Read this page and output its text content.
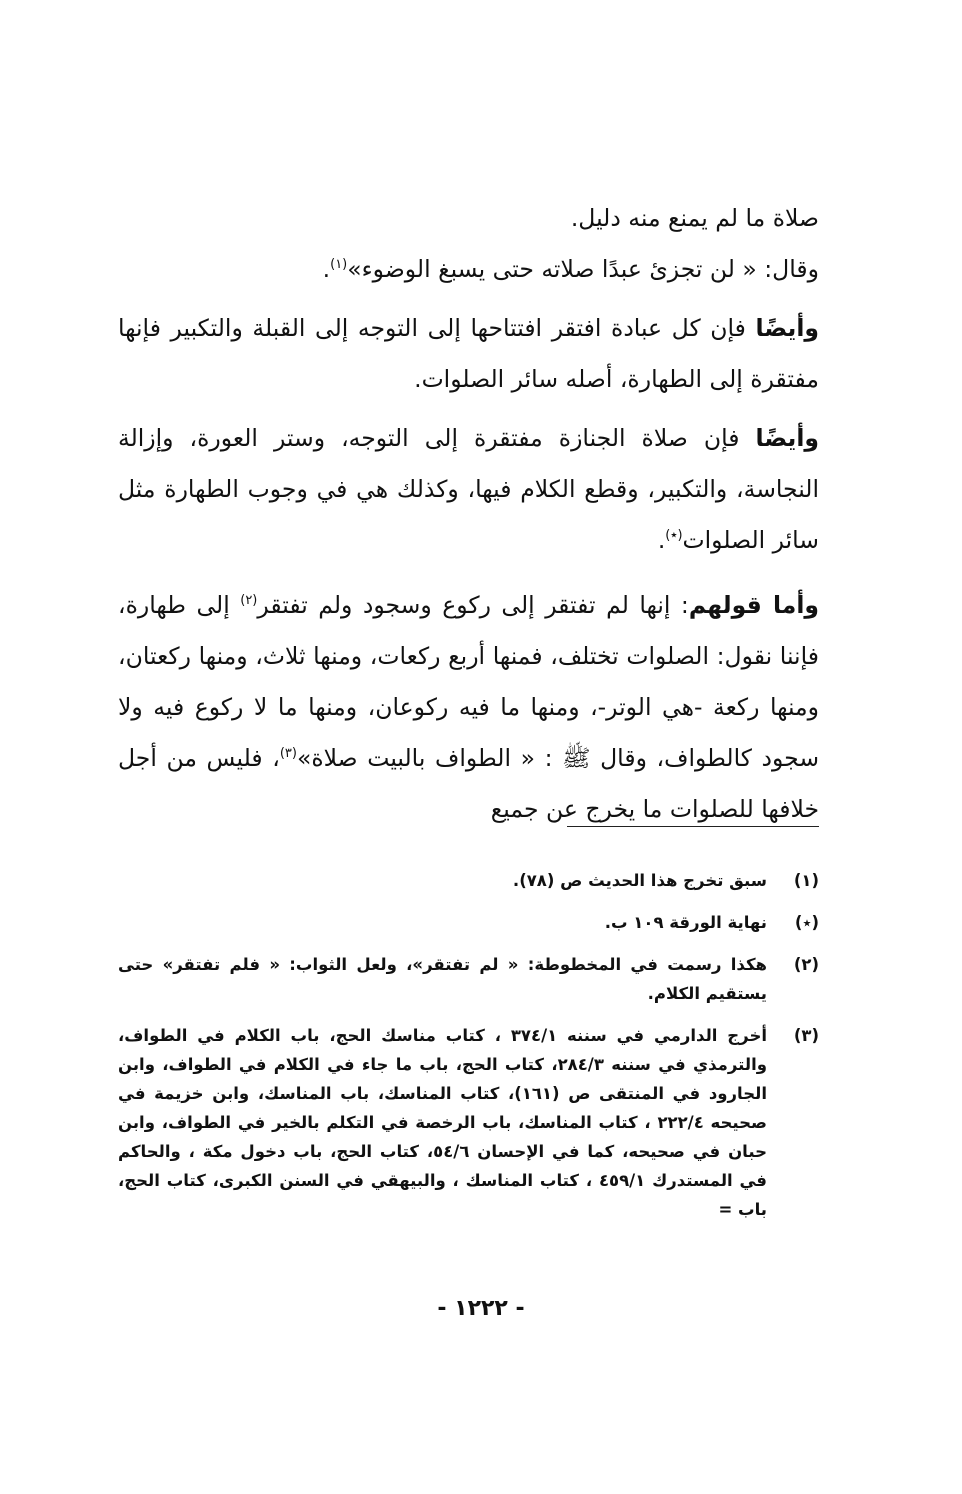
صلاة ما لم يمنع منه دليل.

وقال: « لن تجزئ عبدًا صلاته حتى يسبغ الوضوء»$^{(١)}$.

وأيضًا فإن كل عبادة افتقر افتتاحها إلى التوجه إلى القبلة والتكبير فإنها مفتقرة إلى الطهارة، أصله سائر الصلوات.

وأيضًا فإن صلاة الجنازة مفتقرة إلى التوجه، وستر العورة، وإزالة النجاسة، والتكبير، وقطع الكلام فيها، وكذلك هي في وجوب الطهارة مثل سائر الصلوات(٭).

وأما قولهم: إنها لم تفتقر إلى ركوع وسجود ولم تفتقر$^{(٢)}$ إلى طهارة، فإننا نقول: الصلوات تختلف، فمنها أربع ركعات، ومنها ثلاث، ومنها ركعتان، ومنها ركعة -هي الوتر-، ومنها ما فيه ركوعان، ومنها ما لا ركوع فيه ولا سجود كالطواف، وقال ﷺ : « الطواف بالبيت صلاة»$^{(٣)}$، فليس من أجل خلافها للصلوات ما يخرج عن جميع

(١)
سبق تخرج هذا الحديث ص (٧٨).
(٭)
نهاية الورقة ١٠٩ ب.
(٢)
هكذا رسمت في المخطوطة: « لم تفتقر»، ولعل الثواب: « فلم تفتقر» حتى يستقيم الكلام.
(٣)
أخرج الدارمي في سننه ٣٧٤/١ ، كتاب مناسك الحج، باب الكلام في الطواف، والترمذي في سننه ٢٨٤/٣، كتاب الحج، باب ما جاء في الكلام في الطواف، وابن الجارود في المنتقى ص (١٦١)، كتاب المناسك، باب المناسك، وابن خزيمة في صحيحه ٢٢٢/٤ ، كتاب المناسك، باب الرخصة في التكلم بالخير في الطواف، وابن حبان في صحيحه، كما في الإحسان ٥٤/٦، كتاب الحج، باب دخول مكة ، والحاكم في المستدرك ٤٥٩/١ ، كتاب المناسك ، والبيهقي في السنن الكبرى، كتاب الحج، باب =
- ١٢٢٢ -
